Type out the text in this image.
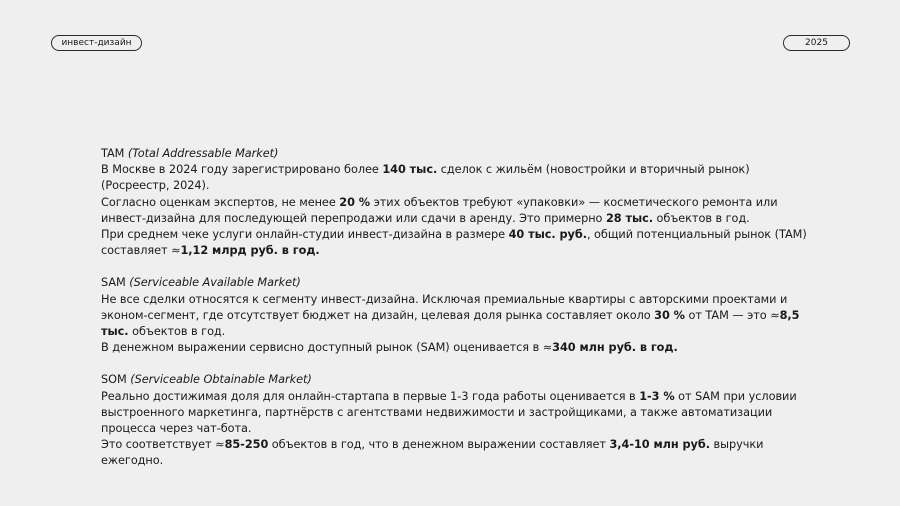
инвест-дизайн	2025

TAM (Total Addressable Market)

В Москве в 2024 году зарегистрировано более 140 тыс. сделок с жильём (новостройки и вторичный рынок) (Росреестр, 2024).

Согласно оценкам экспертов, не менее 20 % этих объектов требуют «упаковки» — косметического ремонта или инвест-дизайна для последующей перепродажи или сдачи в аренду. Это примерно 28 тыс. объектов в год.

При среднем чеке услуги онлайн-студии инвест-дизайна в размере 40 тыс. руб., общий потенциальный рынок (TAM) составляет ≈1,12 млрд руб. в год.

SAM (Serviceable Available Market)

Не все сделки относятся к сегменту инвест-дизайна. Исключая премиальные квартиры с авторскими проектами и эконом-сегмент, где отсутствует бюджет на дизайн, целевая доля рынка составляет около 30 % от TAM — это ≈8,5 тыс. объектов в год.

В денежном выражении сервисно доступный рынок (SAM) оценивается в ≈340 млн руб. в год.

SOM (Serviceable Obtainable Market)

Реально достижимая доля для онлайн-стартапа в первые 1-3 года работы оценивается в 1-3 % от SAM при условии выстроенного маркетинга, партнёрств с агентствами недвижимости и застройщиками, а также автоматизации процесса через чат-бота.

Это соответствует ≈85-250 объектов в год, что в денежном выражении составляет 3,4-10 млн руб. выручки ежегодно.
